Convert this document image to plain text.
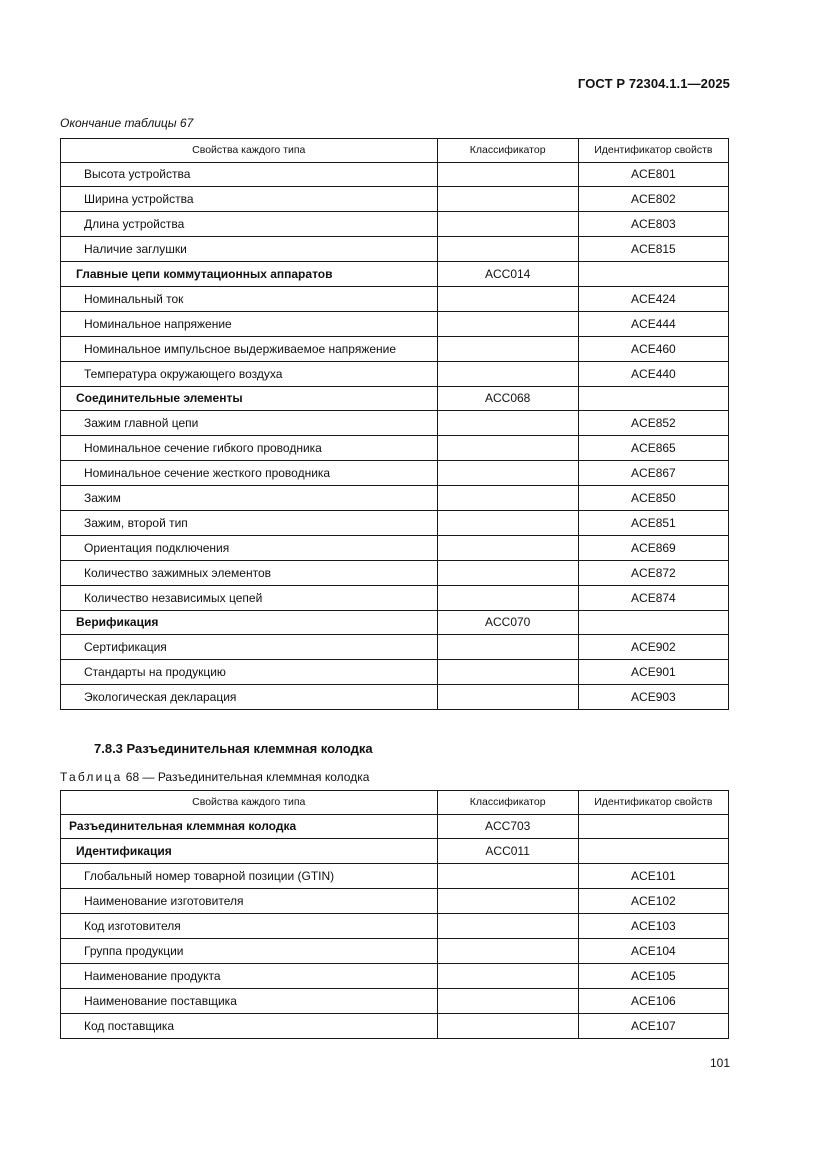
ГОСТ Р 72304.1.1—2025
Окончание таблицы 67
Свойства каждого типа	Классификатор	Идентификатор свойств
Высота устройства		ACE801
Ширина устройства		ACE802
Длина устройства		ACE803
Наличие заглушки		ACE815
Главные цепи коммутационных аппаратов	ACC014	
Номинальный ток		ACE424
Номинальное напряжение		ACE444
Номинальное импульсное выдерживаемое напряжение		ACE460
Температура окружающего воздуха		ACE440
Соединительные элементы	ACC068	
Зажим главной цепи		ACE852
Номинальное сечение гибкого проводника		ACE865
Номинальное сечение жесткого проводника		ACE867
Зажим		ACE850
Зажим, второй тип		ACE851
Ориентация подключения		ACE869
Количество зажимных элементов		ACE872
Количество независимых цепей		ACE874
Верификация	ACC070	
Сертификация		ACE902
Стандарты на продукцию		ACE901
Экологическая декларация		ACE903
7.8.3 Разъединительная клеммная колодка
Таблица 68 — Разъединительная клеммная колодка
Свойства каждого типа	Классификатор	Идентификатор свойств
Разъединительная клеммная колодка	ACC703	
Идентификация	ACC011	
Глобальный номер товарной позиции (GTIN)		ACE101
Наименование изготовителя		ACE102
Код изготовителя		ACE103
Группа продукции		ACE104
Наименование продукта		ACE105
Наименование поставщика		ACE106
Код поставщика		ACE107
101
